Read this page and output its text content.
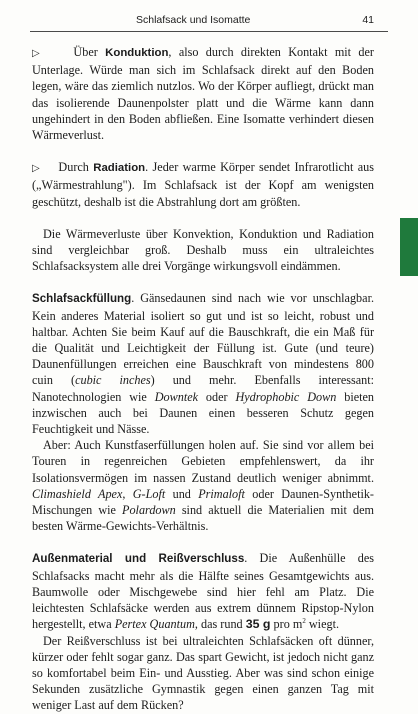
Schlafsack und Isomatte	41

▷ Über Konduktion, also durch direkten Kontakt mit der Unterlage. Würde man sich im Schlafsack direkt auf den Boden legen, wäre das ziemlich nutzlos. Wo der Körper aufliegt, drückt man das isolierende Daunenpolster platt und die Wärme kann dann ungehindert in den Boden abfließen. Eine Isomatte verhindert diesen Wärmeverlust.

▷ Durch Radiation. Jeder warme Körper sendet Infrarotlicht aus („Wärmestrahlung"). Im Schlafsack ist der Kopf am wenigsten geschützt, deshalb ist die Abstrahlung dort am größten.

Die Wärmeverluste über Konvektion, Konduktion und Radiation sind vergleichbar groß. Deshalb muss ein ultraleichtes Schlafsacksystem alle drei Vorgänge wirkungsvoll eindämmen.

Schlafsackfüllung. Gänsedaunen sind nach wie vor unschlagbar. Kein anderes Material isoliert so gut und ist so leicht, robust und haltbar. Achten Sie beim Kauf auf die Bauschkraft, die ein Maß für die Qualität und Leichtigkeit der Füllung ist. Gute (und teure) Daunenfüllungen erreichen eine Bauschkraft von mindestens 800 cuin (cubic inches) und mehr. Ebenfalls interessant: Nanotechnologien wie Downtek oder Hydrophobic Down bieten inzwischen auch bei Daunen einen besseren Schutz gegen Feuchtigkeit und Nässe.

Aber: Auch Kunstfaserfüllungen holen auf. Sie sind vor allem bei Touren in regenreichen Gebieten empfehlenswert, da ihr Isolationsvermögen im nassen Zustand deutlich weniger abnimmt. Climashield Apex, G-Loft und Primaloft oder Daunen-Synthetik-Mischungen wie Polardown sind aktuell die Materialien mit dem besten Wärme-Gewichts-Verhältnis.

Außenmaterial und Reißverschluss. Die Außenhülle des Schlafsacks macht mehr als die Hälfte seines Gesamtgewichts aus. Baumwolle oder Mischgewebe sind hier fehl am Platz. Die leichtesten Schlafsäcke werden aus extrem dünnem Ripstop-Nylon hergestellt, etwa Pertex Quantum, das rund 35 g pro $m^2$ wiegt.

Der Reißverschluss ist bei ultraleichten Schlafsäcken oft dünner, kürzer oder fehlt sogar ganz. Das spart Gewicht, ist jedoch nicht ganz so komfortabel beim Ein- und Ausstieg. Aber was sind schon einige Sekunden zusätzliche Gymnastik gegen einen ganzen Tag mit weniger Last auf dem Rücken?
